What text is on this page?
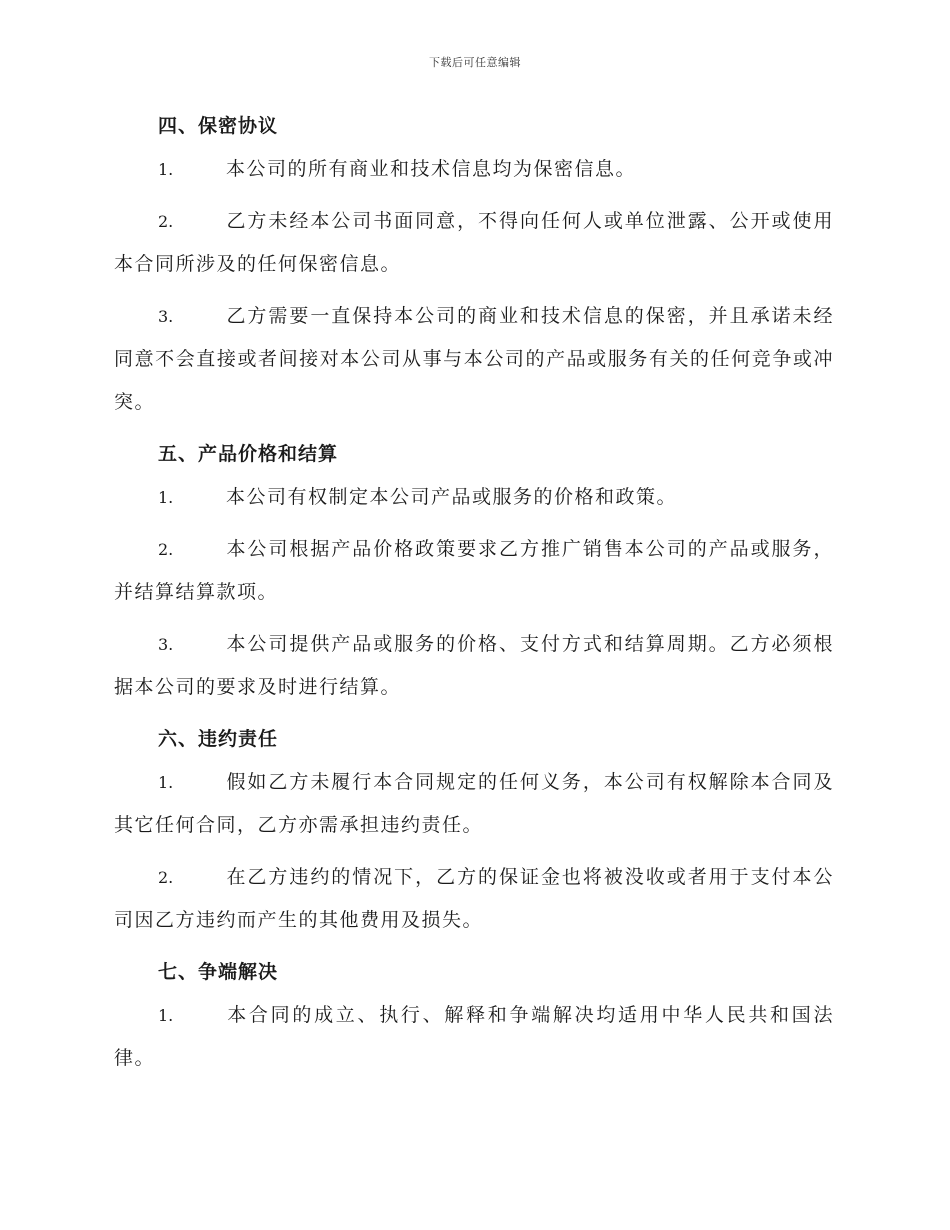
下载后可任意编辑

四、保密协议

1.	本公司的所有商业和技术信息均为保密信息。

2.	乙方未经本公司书面同意，不得向任何人或单位泄露、公开或使用本合同所涉及的任何保密信息。

3.	乙方需要一直保持本公司的商业和技术信息的保密，并且承诺未经同意不会直接或者间接对本公司从事与本公司的产品或服务有关的任何竞争或冲突。

五、产品价格和结算

1.	本公司有权制定本公司产品或服务的价格和政策。

2.	本公司根据产品价格政策要求乙方推广销售本公司的产品或服务，并结算结算款项。

3.	本公司提供产品或服务的价格、支付方式和结算周期。乙方必须根据本公司的要求及时进行结算。

六、违约责任

1.	假如乙方未履行本合同规定的任何义务，本公司有权解除本合同及其它任何合同，乙方亦需承担违约责任。

2.	在乙方违约的情况下，乙方的保证金也将被没收或者用于支付本公司因乙方违约而产生的其他费用及损失。

七、争端解决

1.	本合同的成立、执行、解释和争端解决均适用中华人民共和国法律。
